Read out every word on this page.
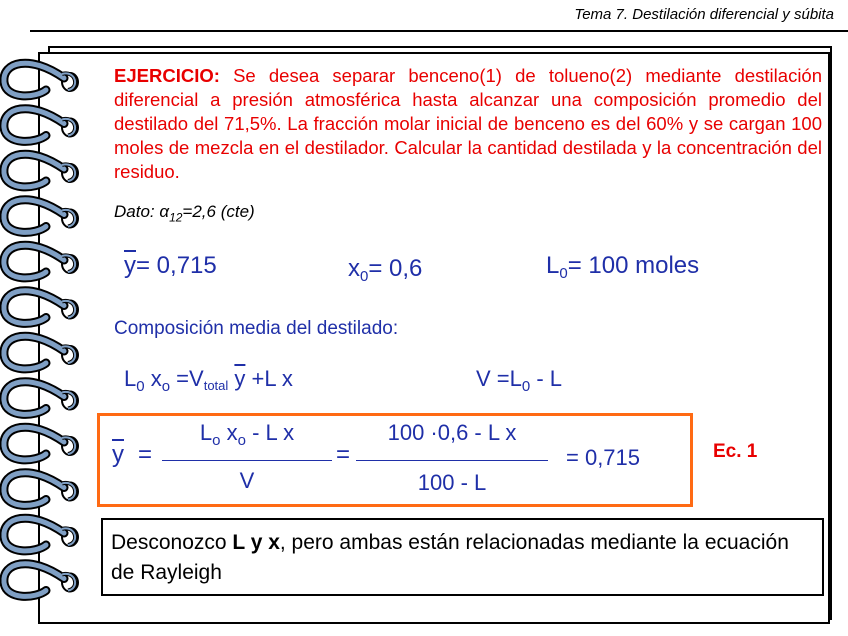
Tema 7. Destilación diferencial y súbita
EJERCICIO: Se desea separar benceno(1) de tolueno(2) mediante destilación diferencial a presión atmosférica hasta alcanzar una composición promedio del destilado del 71,5%. La fracción molar inicial de benceno es del 60% y se cargan 100 moles de mezcla en el destilador. Calcular la cantidad destilada y la concentración del residuo.
Dato: $\alpha_{12}=2,6$ (cte)
$\overline{y}= 0,715$	$x_0= 0,6$	$L_0= 100$ moles
Composición media del destilado:
$L_0$ $x_o$ =Vtotal $\overline{y} +L$ x	$V =L_0 - L$
$\overline{y}$ =
$L_o$ $x_o$ - L x
V
=
100 ·0,6 - L x
100 - L
= 0,715	Ec. 1

Desconozco L y x, pero ambas están relacionadas mediante la ecuación de Rayleigh
